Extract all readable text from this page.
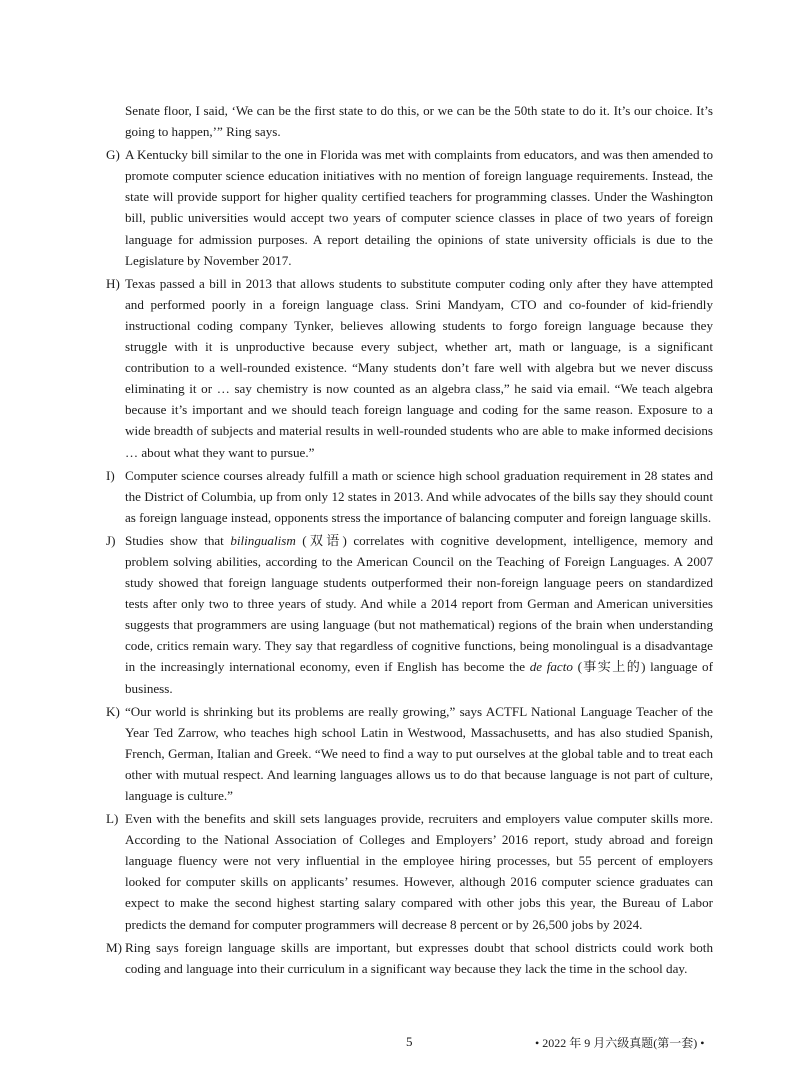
Senate floor, I said, ‘We can be the first state to do this, or we can be the 50th state to do it. It’s our choice. It’s going to happen,’” Ring says.

G) A Kentucky bill similar to the one in Florida was met with complaints from educators, and was then amended to promote computer science education initiatives with no mention of foreign language requirements. Instead, the state will provide support for higher quality certified teachers for programming classes. Under the Washington bill, public universities would accept two years of computer science classes in place of two years of foreign language for admission purposes. A report detailing the opinions of state university officials is due to the Legislature by November 2017.

H) Texas passed a bill in 2013 that allows students to substitute computer coding only after they have attempted and performed poorly in a foreign language class. Srini Mandyam, CTO and co-founder of kid-friendly instructional coding company Tynker, believes allowing students to forgo foreign language because they struggle with it is unproductive because every subject, whether art, math or language, is a significant contribution to a well-rounded existence. “Many students don’t fare well with algebra but we never discuss eliminating it or … say chemistry is now counted as an algebra class,” he said via email. “We teach algebra because it’s important and we should teach foreign language and coding for the same reason. Exposure to a wide breadth of subjects and material results in well-rounded students who are able to make informed decisions … about what they want to pursue.”

I) Computer science courses already fulfill a math or science high school graduation requirement in 28 states and the District of Columbia, up from only 12 states in 2013. And while advocates of the bills say they should count as foreign language instead, opponents stress the importance of balancing computer and foreign language skills.

J) Studies show that bilingualism (双语) correlates with cognitive development, intelligence, memory and problem solving abilities, according to the American Council on the Teaching of Foreign Languages. A 2007 study showed that foreign language students outperformed their non-foreign language peers on standardized tests after only two to three years of study. And while a 2014 report from German and American universities suggests that programmers are using language (but not mathematical) regions of the brain when understanding code, critics remain wary. They say that regardless of cognitive functions, being monolingual is a disadvantage in the increasingly international economy, even if English has become the de facto (事实上的) language of business.

K) “Our world is shrinking but its problems are really growing,” says ACTFL National Language Teacher of the Year Ted Zarrow, who teaches high school Latin in Westwood, Massachusetts, and has also studied Spanish, French, German, Italian and Greek. “We need to find a way to put ourselves at the global table and to treat each other with mutual respect. And learning languages allows us to do that because language is not part of culture, language is culture.”

L) Even with the benefits and skill sets languages provide, recruiters and employers value computer skills more. According to the National Association of Colleges and Employers’ 2016 report, study abroad and foreign language fluency were not very influential in the employee hiring processes, but 55 percent of employers looked for computer skills on applicants’ resumes. However, although 2016 computer science graduates can expect to make the second highest starting salary compared with other jobs this year, the Bureau of Labor predicts the demand for computer programmers will decrease 8 percent or by 26,500 jobs by 2024.

M) Ring says foreign language skills are important, but expresses doubt that school districts could work both coding and language into their curriculum in a significant way because they lack the time in the school day.

5	• 2022 年 9 月六级真题(第一套) •
